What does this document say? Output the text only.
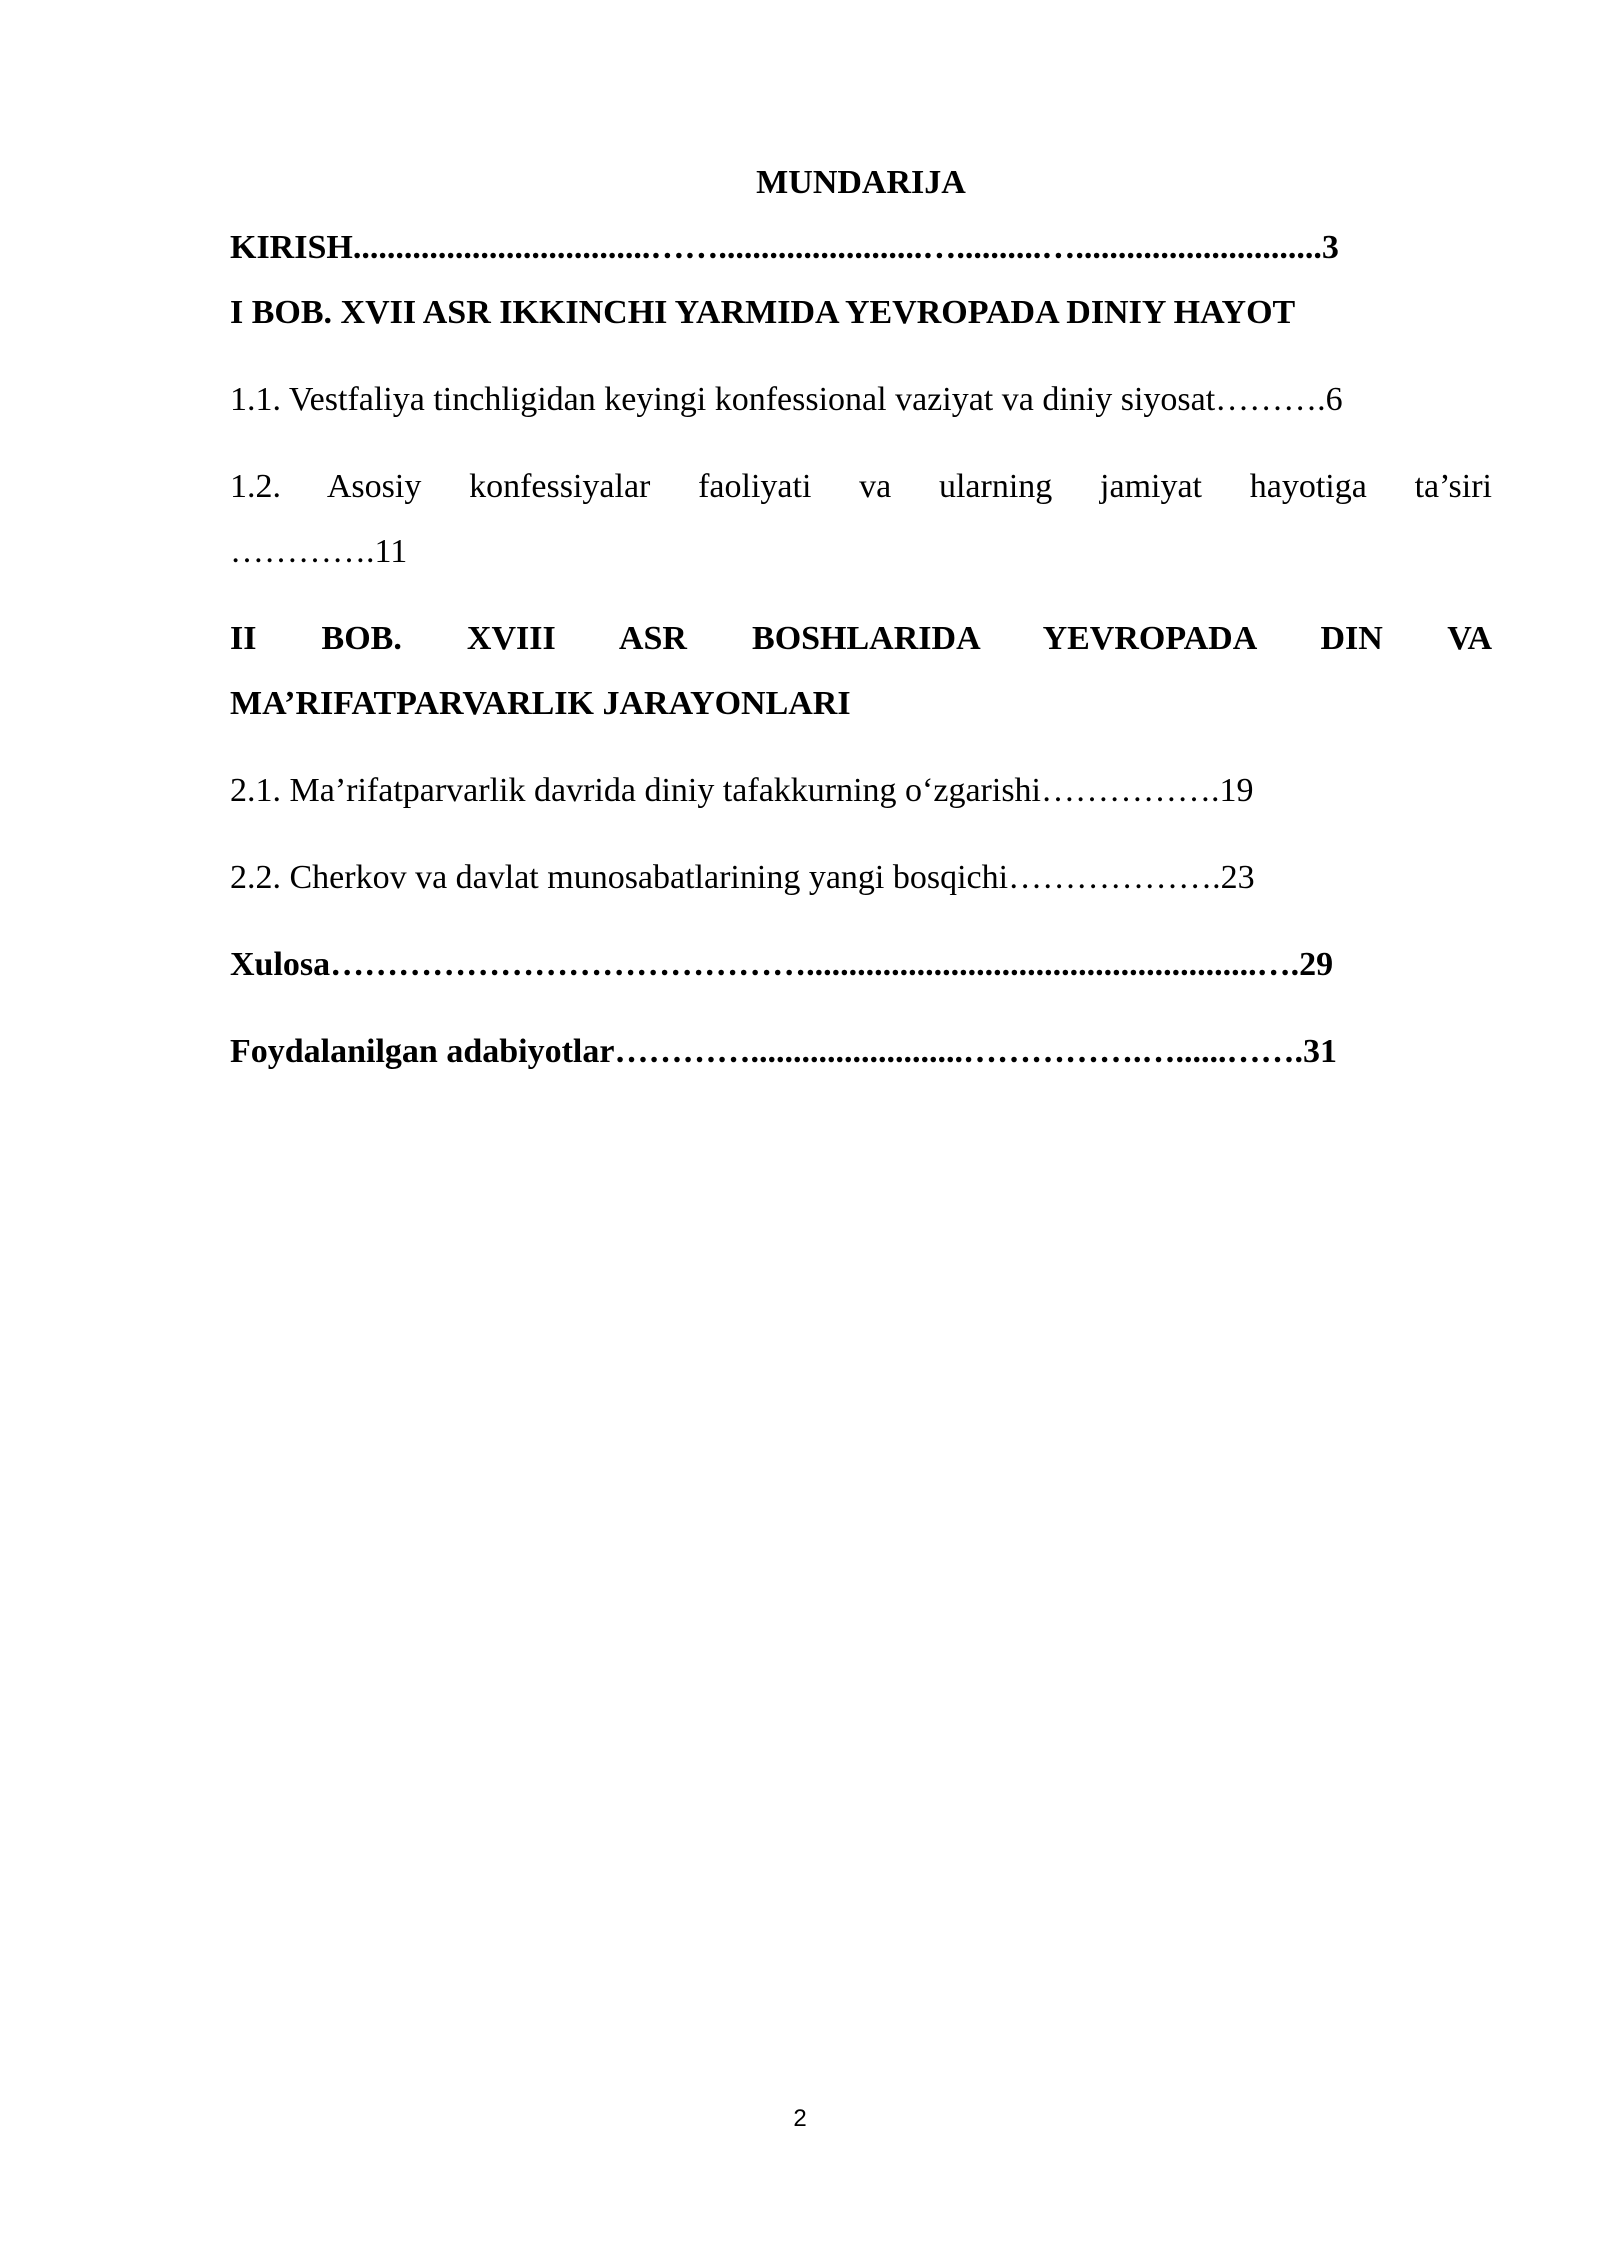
MUNDARIJA

KIRISH...................................……........................…..........….............................3

I BOB. XVII ASR IKKINCHI YARMIDA YEVROPADA DINIY HAYOT

1.1. Vestfaliya tinchligidan keyingi konfessional vaziyat va diniy siyosat……….6

1.2. Asosiy konfessiyalar faoliyati va ularning jamiyat hayotiga ta’siri

………….11

II BOB. XVIII ASR BOSHLARIDA YEVROPADA DIN VA

MA’RIFATPARVARLIK JARAYONLARI

2.1. Ma’rifatparvarlik davrida diniy tafakkurning o‘zgarishi…………….19

2.2. Cherkov va davlat munosabatlarining yangi bosqichi……………….23

Xulosa…………………………………….....................................................….29

Foydalanilgan adabiyotlar………….........................…………….…......…….31

2
